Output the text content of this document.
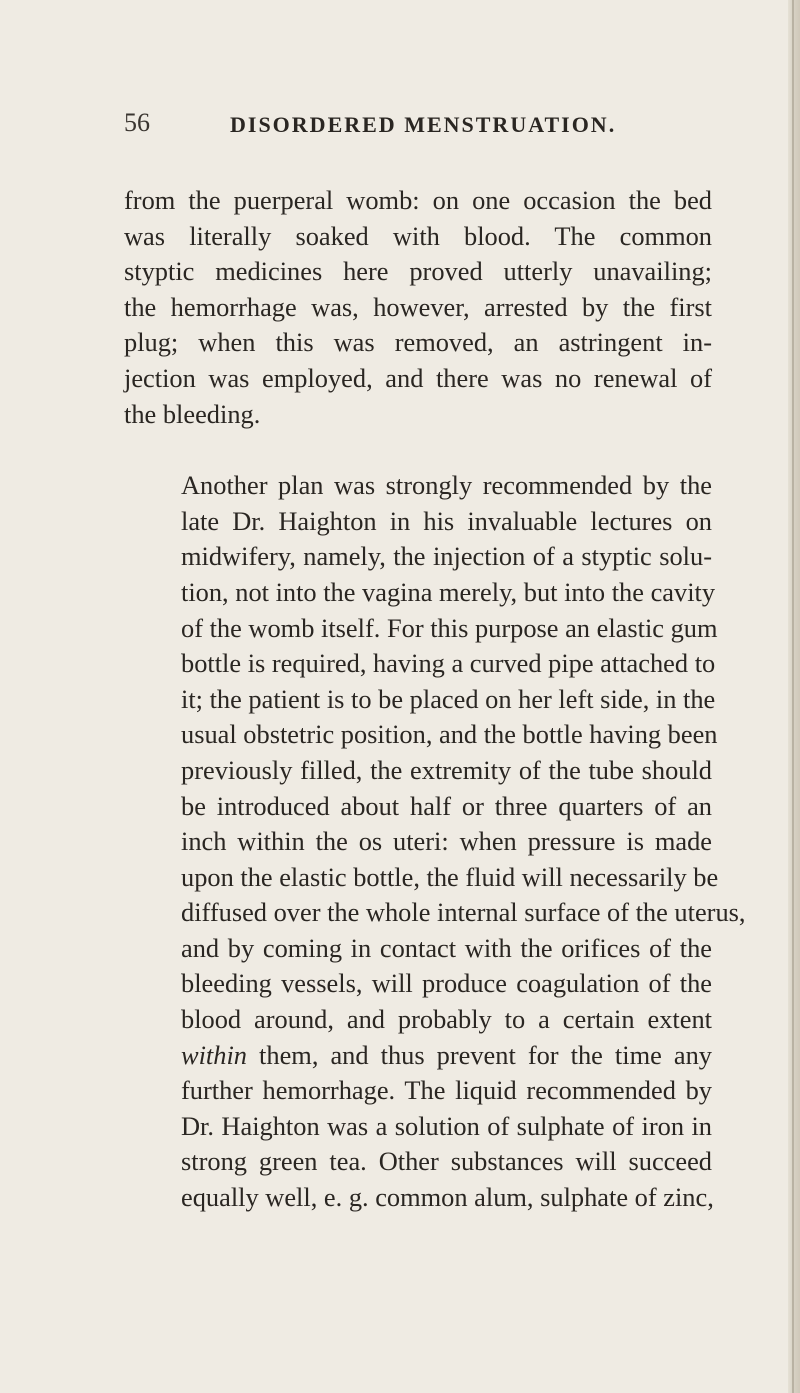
56	DISORDERED MENSTRUATION.

from the puerperal womb: on one occasion the bed
was literally soaked with blood. The common
styptic medicines here proved utterly unavailing;
the hemorrhage was, however, arrested by the first
plug; when this was removed, an astringent in-
jection was employed, and there was no renewal of
the bleeding.

Another plan was strongly recommended by the
late Dr. Haighton in his invaluable lectures on
midwifery, namely, the injection of a styptic solu-
tion, not into the vagina merely, but into the cavity
of the womb itself. For this purpose an elastic gum
bottle is required, having a curved pipe attached to
it; the patient is to be placed on her left side, in the
usual obstetric position, and the bottle having been
previously filled, the extremity of the tube should
be introduced about half or three quarters of an
inch within the os uteri: when pressure is made
upon the elastic bottle, the fluid will necessarily be
diffused over the whole internal surface of the uterus,
and by coming in contact with the orifices of the
bleeding vessels, will produce coagulation of the
blood around, and probably to a certain extent
within them, and thus prevent for the time any
further hemorrhage. The liquid recommended by
Dr. Haighton was a solution of sulphate of iron in
strong green tea. Other substances will succeed
equally well, e. g. common alum, sulphate of zinc,
